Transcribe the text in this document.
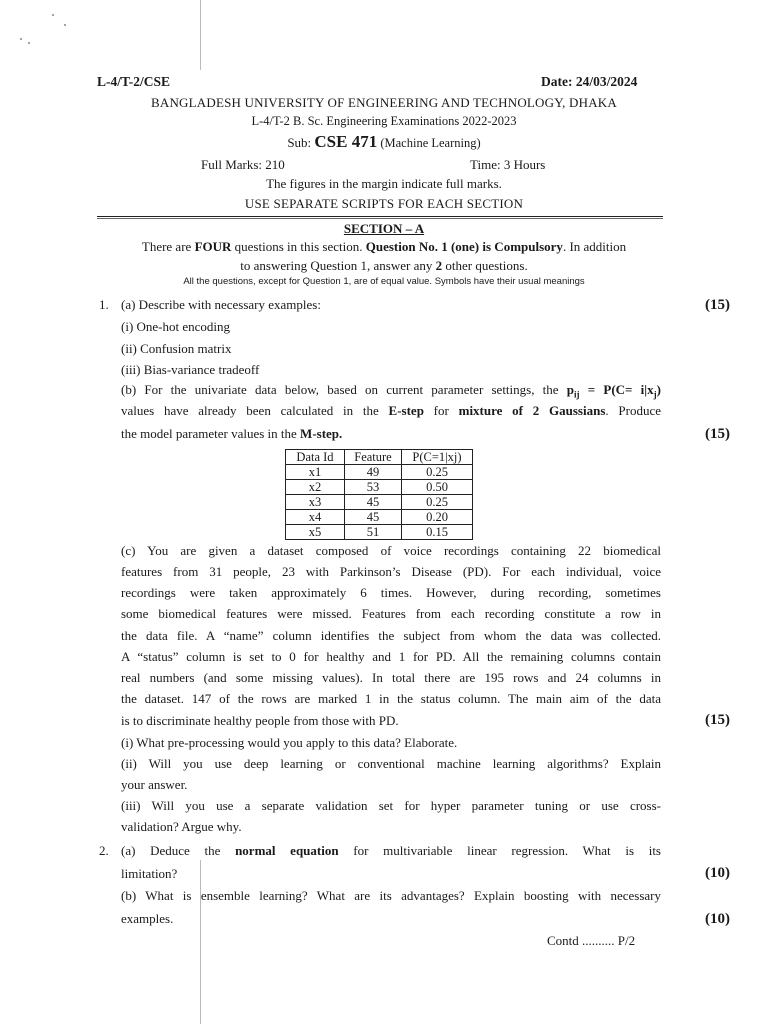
L-4/T-2/CSE	Date: 24/03/2024
BANGLADESH UNIVERSITY OF ENGINEERING AND TECHNOLOGY, DHAKA
L-4/T-2 B. Sc. Engineering Examinations 2022-2023
Sub: CSE 471 (Machine Learning)
Full Marks: 210	Time: 3 Hours
The figures in the margin indicate full marks.
USE SEPARATE SCRIPTS FOR EACH SECTION
SECTION – A
There are FOUR questions in this section. Question No. 1 (one) is Compulsory. In addition
to answering Question 1, answer any 2 other questions.
All the questions, except for Question 1, are of equal value. Symbols have their usual meanings
1. (a) Describe with necessary examples:	(15)
(i) One-hot encoding
(ii) Confusion matrix
(iii) Bias-variance tradeoff
(b) For the univariate data below, based on current parameter settings, the $p_{ij} = P(C= i|x_j)$
values have already been calculated in the E-step for mixture of 2 Gaussians. Produce
the model parameter values in the M-step.	(15)
Data Id	Feature	P(C=1|xj)
x1	49	0.25
x2	53	0.50
x3	45	0.25
x4	45	0.20
x5	51	0.15
(c) You are given a dataset composed of voice recordings containing 22 biomedical
features from 31 people, 23 with Parkinson’s Disease (PD). For each individual, voice
recordings were taken approximately 6 times. However, during recording, sometimes
some biomedical features were missed. Features from each recording constitute a row in
the data file. A “name” column identifies the subject from whom the data was collected.
A “status” column is set to 0 for healthy and 1 for PD. All the remaining columns contain
real numbers (and some missing values). In total there are 195 rows and 24 columns in
the dataset. 147 of the rows are marked 1 in the status column. The main aim of the data
is to discriminate healthy people from those with PD.	(15)
(i) What pre-processing would you apply to this data? Elaborate.
(ii) Will you use deep learning or conventional machine learning algorithms? Explain
your answer.
(iii) Will you use a separate validation set for hyper parameter tuning or use cross-
validation? Argue why.
2. (a) Deduce the normal equation for multivariable linear regression. What is its
limitation?	(10)
(b) What is ensemble learning? What are its advantages? Explain boosting with necessary
examples.	(10)
Contd .......... P/2
